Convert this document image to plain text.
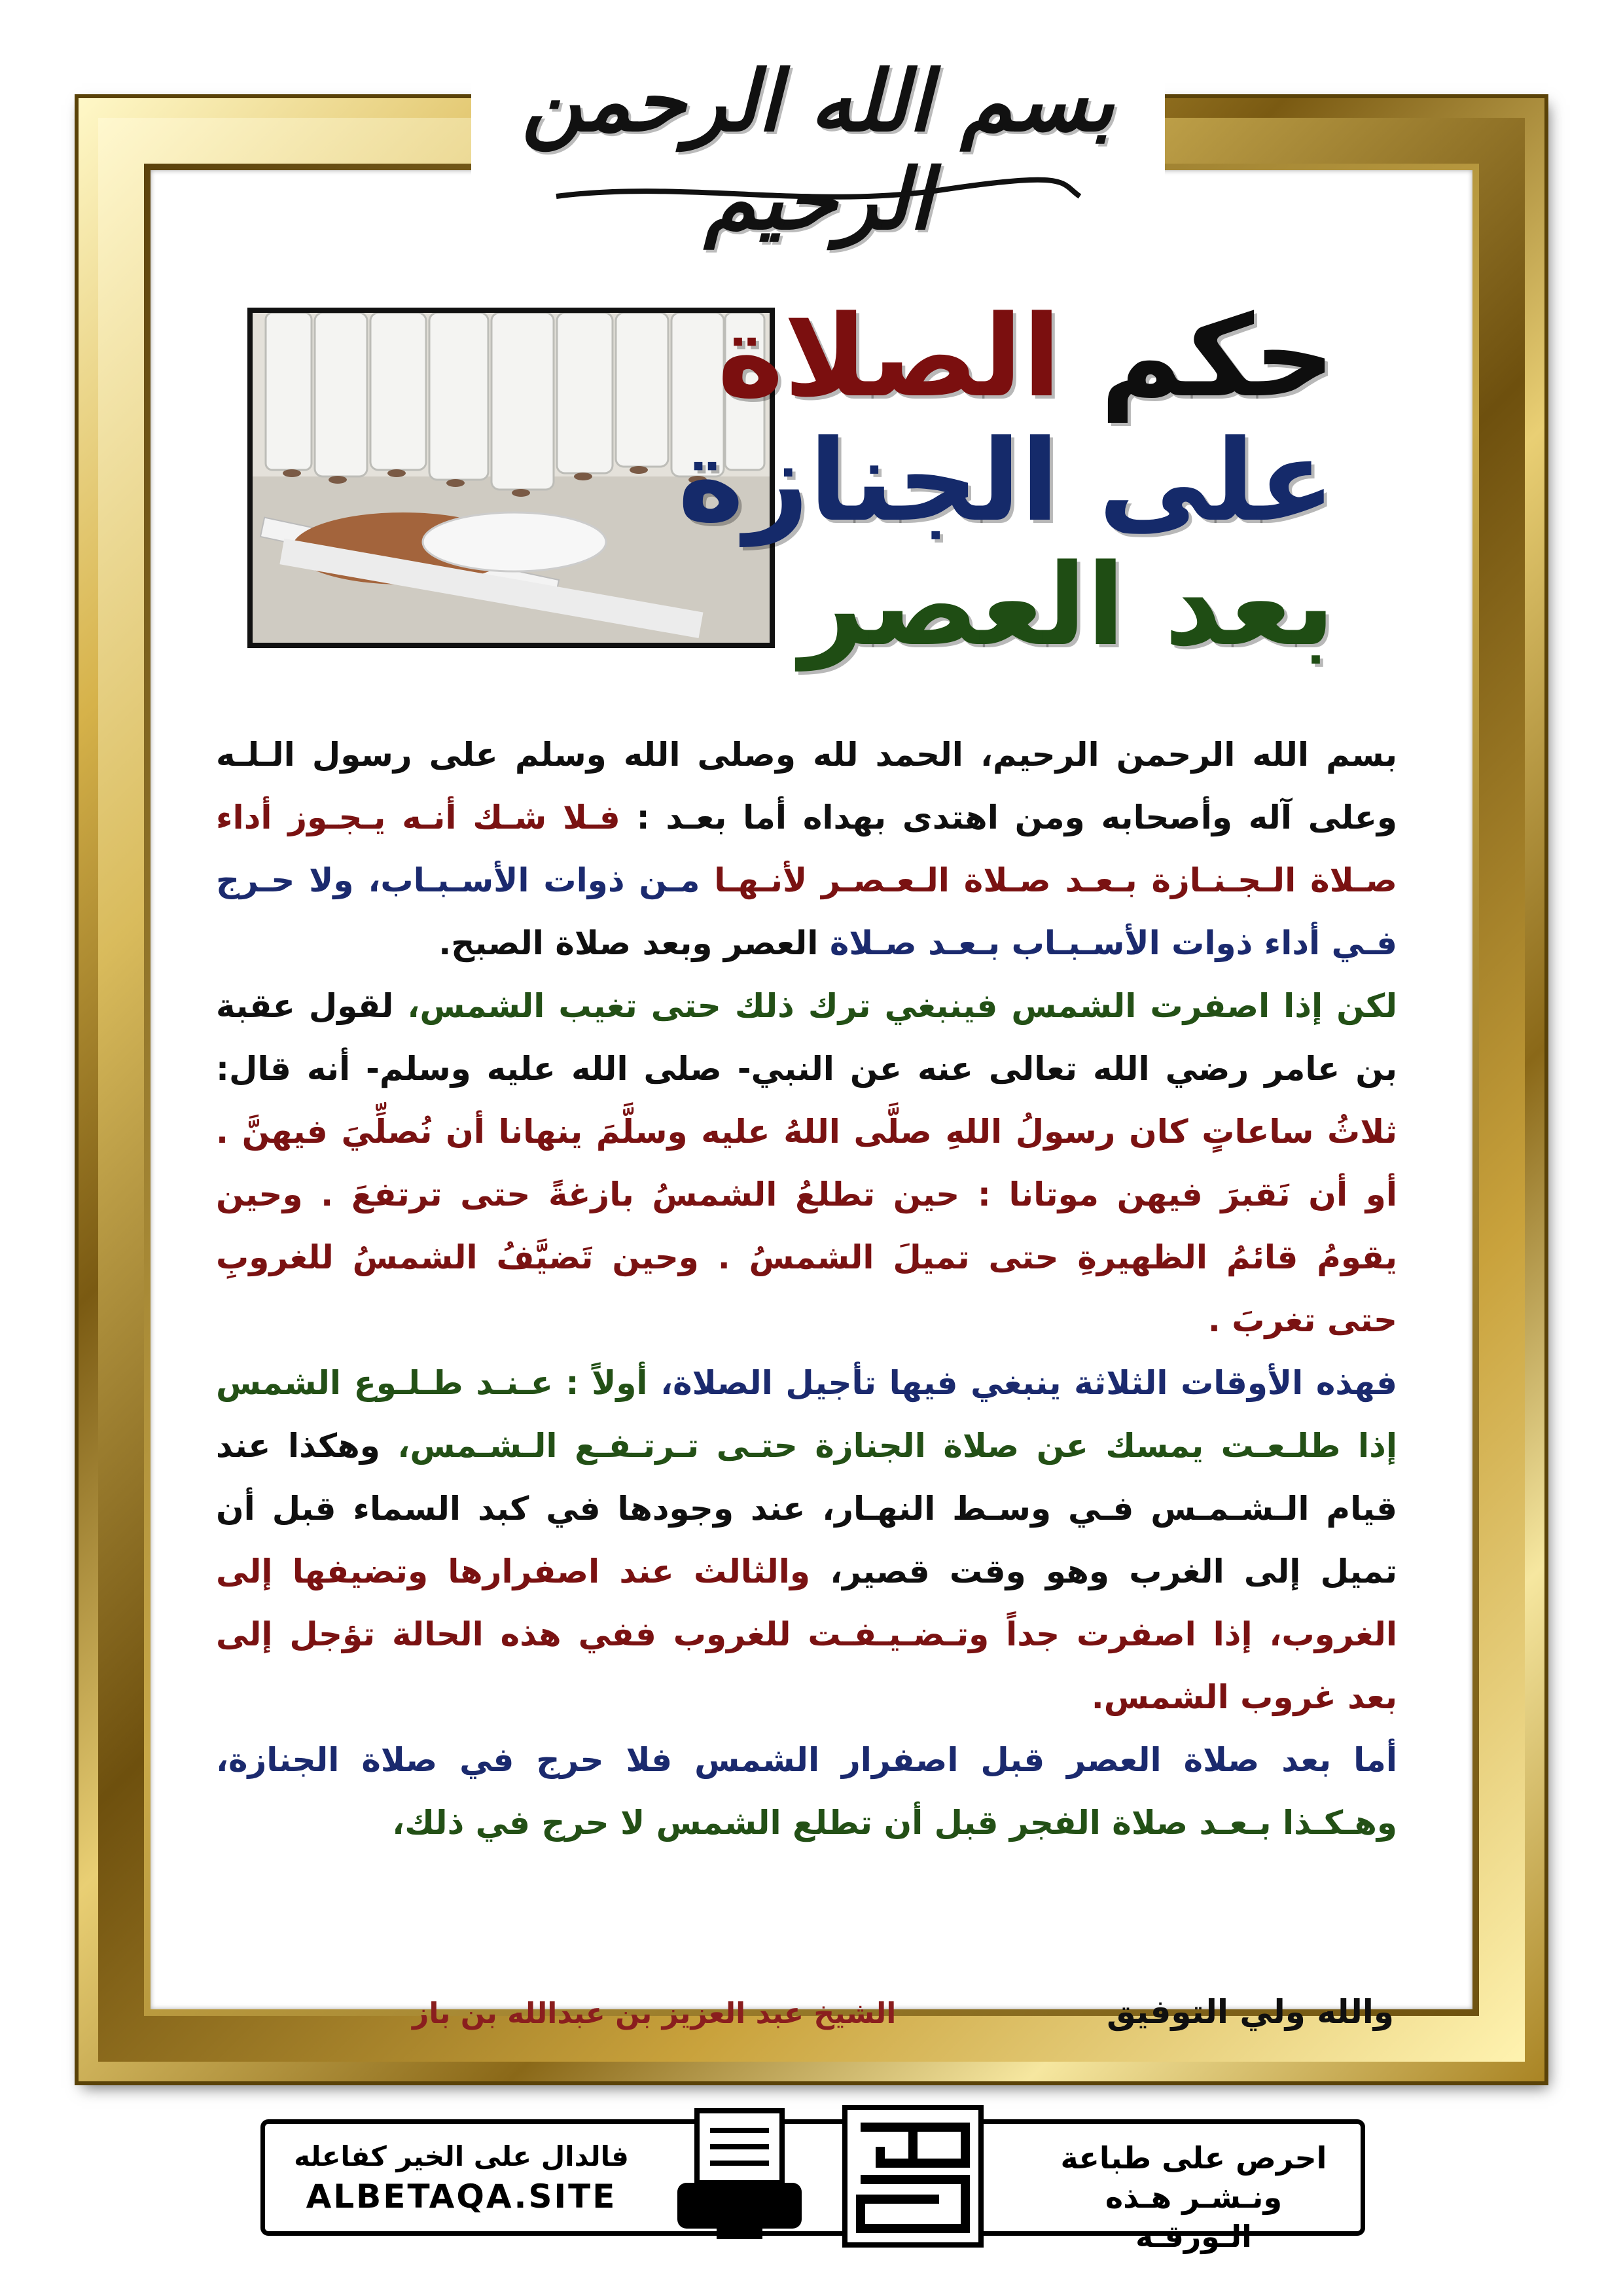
بسم الله الرحمن الرحيم
حكم الصلاة
على الجنازة
بعد العصر

بسم الله الرحمن الرحيم، الحمد لله وصلى الله وسلم على رسول الـلـه وعلى آله وأصحابه ومن اهتدى بهداه أما بعـد : فـلا شـك أنـه يـجـوز أداء صـلاة الـجـنـازة بـعـد صـلاة الـعـصـر لأنـهـا مـن ذوات الأسـبـاب، ولا حـرج فـي أداء ذوات الأسـبـاب بـعـد صـلاة العصر وبعد صلاة الصبح.

لكن إذا اصفرت الشمس فينبغي ترك ذلك حتى تغيب الشمس، لقول عقبة بن عامر رضي الله تعالى عنه عن النبي- صلى الله عليه وسلم- أنه قال: ثلاثُ ساعاتٍ كان رسولُ اللهِ صلَّى اللهُ عليه وسلَّمَ ينهانا أن نُصلِّيَ فيهنَّ . أو أن نَقبرَ فيهن موتانا : حين تطلعُ الشمسُ بازغةً حتى ترتفعَ . وحين يقومُ قائمُ الظهيرةِ حتى تميلَ الشمسُ . وحين تَضيَّفُ الشمسُ للغروبِ حتى تغربَ .

فهذه الأوقات الثلاثة ينبغي فيها تأجيل الصلاة، أولاً : عـنـد طـلـوع الشمس إذا طلـعـت يمسك عن صلاة الجنازة حتـى تـرتـفـع الـشـمس، وهكذا عند قيام الـشـمـس فـي وسـط النهـار، عند وجودها في كبد السماء قبل أن تميل إلى الغرب وهو وقت قصير، والثالث عند اصفرارها وتضيفها إلى الغروب، إذا اصفرت جداً وتـضـيـفـت للغروب ففي هذه الحالة تؤجل إلى بعد غروب الشمس.

أما بعد صلاة العصر قبل اصفرار الشمس فلا حرج في صلاة الجنازة، وهـكـذا بـعـد صلاة الفجر قبل أن تطلع الشمس لا حرج في ذلك،

والله ولي التوفيق
الشيخ عبد العزيز بن عبدالله بن باز
احرص على طباعة
ونـشـر هـذه الـورقـة
فالدال على الخير كفاعله
ALBETAQA.SITE
